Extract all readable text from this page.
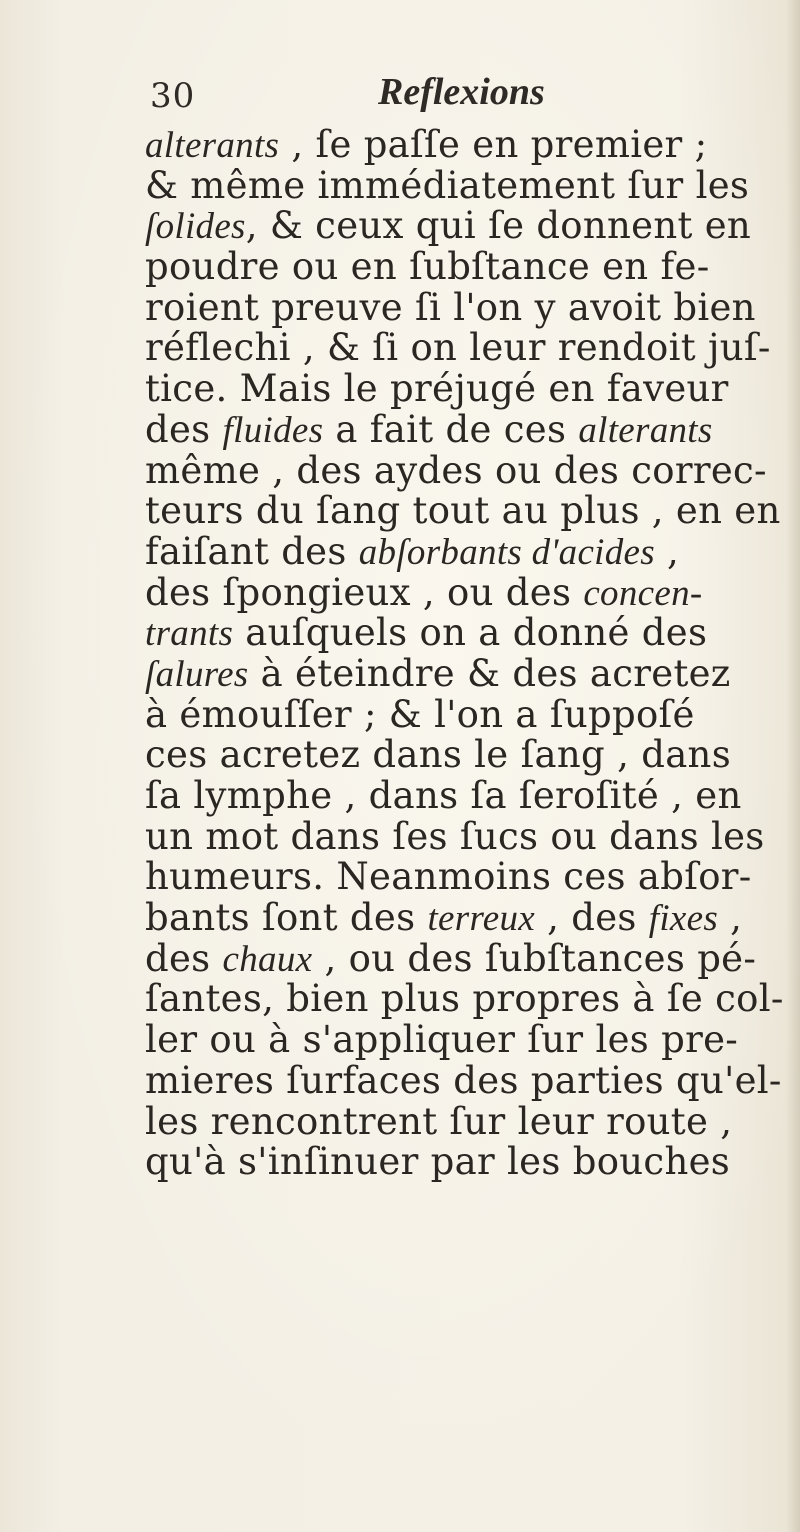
30	Reflexions
alterants , ſe paſſe en premier ;
& même immédiatement ſur les
ſolides, & ceux qui ſe donnent en
poudre ou en ſubſtance en fe-
roient preuve ſi l'on y avoit bien
réflechi , & ſi on leur rendoit juſ-
tice. Mais le préjugé en faveur
des fluides a fait de ces alterants
même , des aydes ou des correc-
teurs du ſang tout au plus , en en
faiſant des abſorbants d'acides ,
des ſpongieux , ou des concen-
trants auſquels on a donné des
ſalures à éteindre & des acretez
à émouſſer ; & l'on a ſuppoſé
ces acretez dans le ſang , dans
ſa lymphe , dans ſa ſeroſité , en
un mot dans ſes ſucs ou dans les
humeurs. Neanmoins ces abſor-
bants ſont des terreux , des fixes ,
des chaux , ou des ſubſtances pé-
ſantes, bien plus propres à ſe col-
ler ou à s'appliquer ſur les pre-
mieres ſurfaces des parties qu'el-
les rencontrent ſur leur route ,
qu'à s'inſinuer par les bouches
